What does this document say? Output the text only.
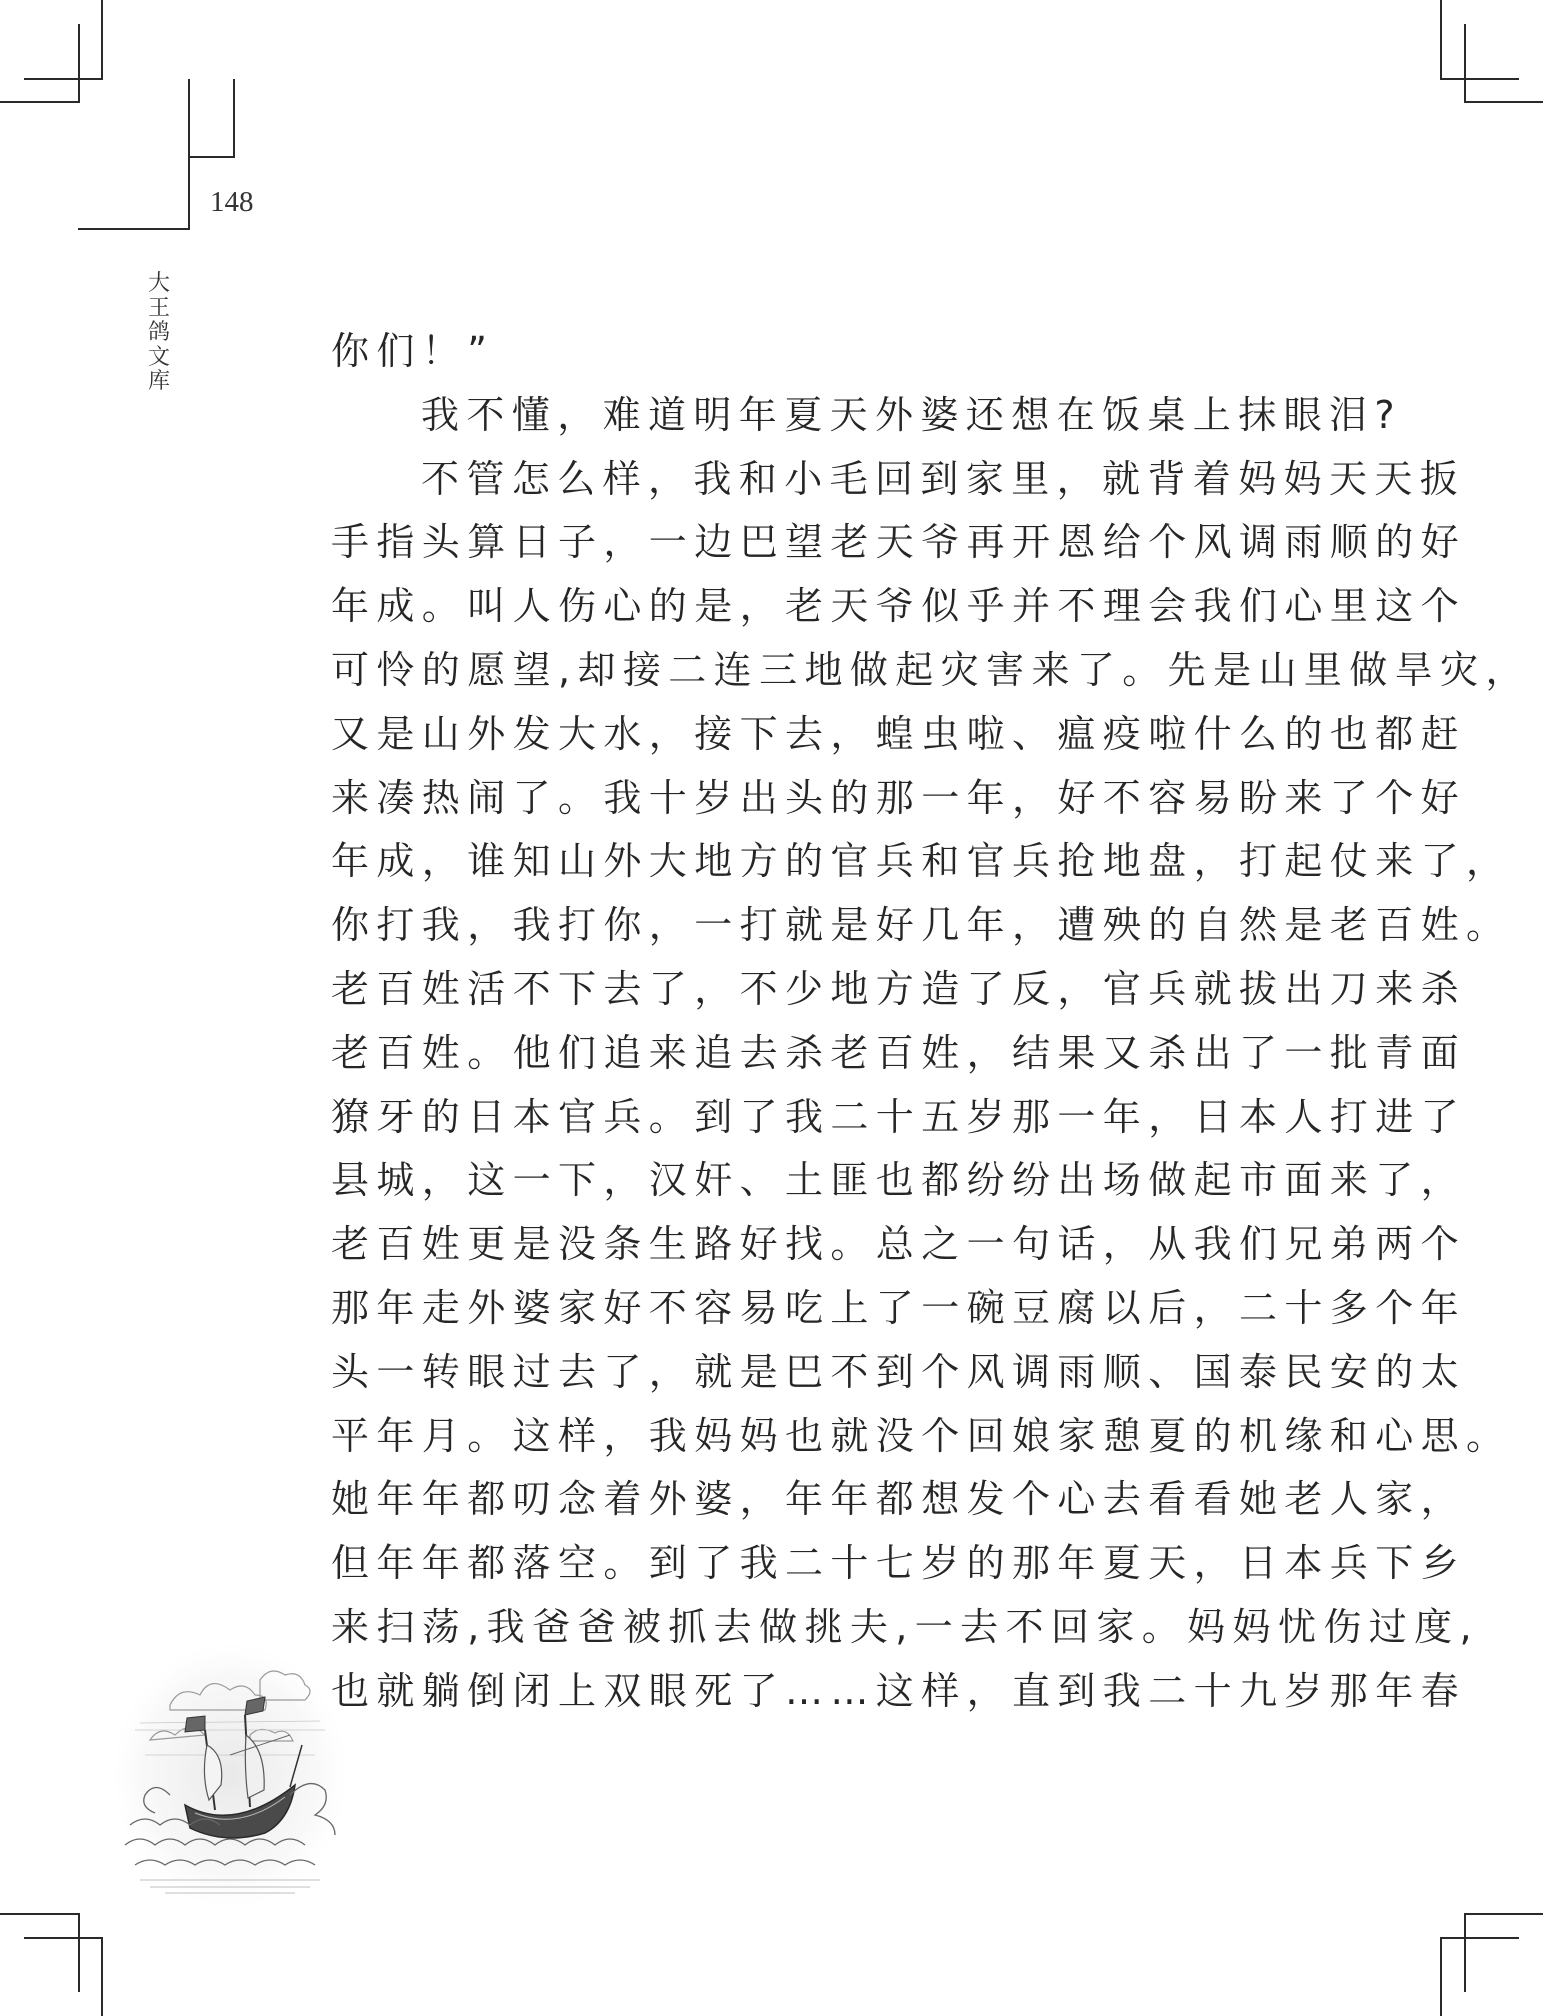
148
大
王
鸽
文
库
你们！”
我不懂，难道明年夏天外婆还想在饭桌上抹眼泪?
不管怎么样，我和小毛回到家里，就背着妈妈天天扳
手指头算日子，一边巴望老天爷再开恩给个风调雨顺的好
年成。叫人伤心的是，老天爷似乎并不理会我们心里这个
可怜的愿望,却接二连三地做起灾害来了。先是山里做旱灾，
又是山外发大水，接下去，蝗虫啦、瘟疫啦什么的也都赶
来凑热闹了。我十岁出头的那一年，好不容易盼来了个好
年成，谁知山外大地方的官兵和官兵抢地盘，打起仗来了，
你打我，我打你，一打就是好几年，遭殃的自然是老百姓。
老百姓活不下去了，不少地方造了反，官兵就拔出刀来杀
老百姓。他们追来追去杀老百姓，结果又杀出了一批青面
獠牙的日本官兵。到了我二十五岁那一年，日本人打进了
县城，这一下，汉奸、土匪也都纷纷出场做起市面来了，
老百姓更是没条生路好找。总之一句话，从我们兄弟两个
那年走外婆家好不容易吃上了一碗豆腐以后，二十多个年
头一转眼过去了，就是巴不到个风调雨顺、国泰民安的太
平年月。这样，我妈妈也就没个回娘家憩夏的机缘和心思。
她年年都叨念着外婆，年年都想发个心去看看她老人家，
但年年都落空。到了我二十七岁的那年夏天，日本兵下乡
来扫荡,我爸爸被抓去做挑夫,一去不回家。妈妈忧伤过度,
也就躺倒闭上双眼死了……这样，直到我二十九岁那年春
